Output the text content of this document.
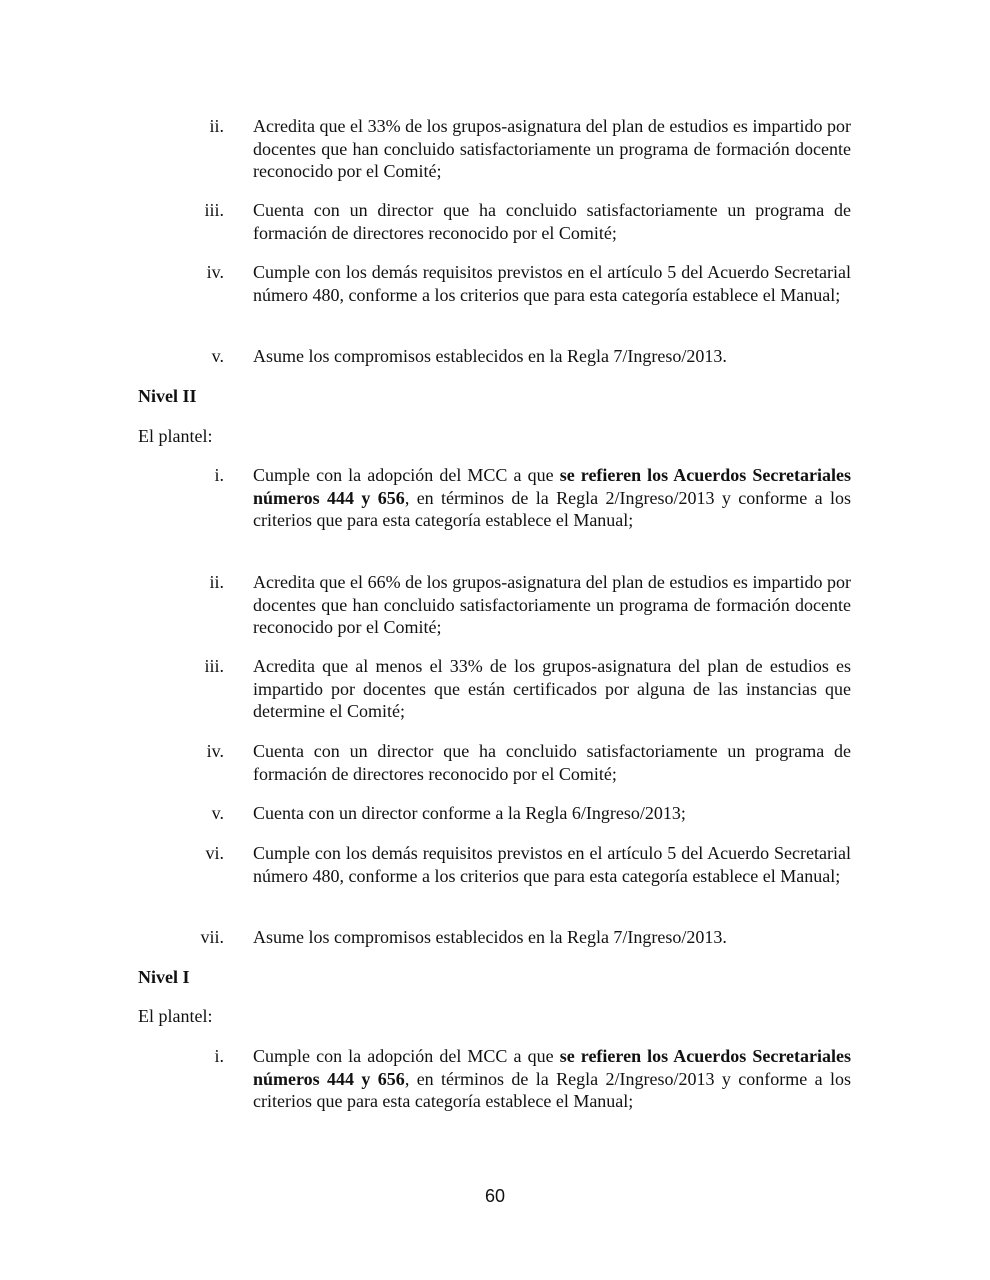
ii. Acredita que el 33% de los grupos-asignatura del plan de estudios es impartido por docentes que han concluido satisfactoriamente un programa de formación docente reconocido por el Comité;
iii. Cuenta con un director que ha concluido satisfactoriamente un programa de formación de directores reconocido por el Comité;
iv. Cumple con los demás requisitos previstos en el artículo 5 del Acuerdo Secretarial número 480, conforme a los criterios que para esta categoría establece el Manual;
v. Asume los compromisos establecidos en la Regla 7/Ingreso/2013.
Nivel II
El plantel:
i. Cumple con la adopción del MCC a que se refieren los Acuerdos Secretariales números 444 y 656, en términos de la Regla 2/Ingreso/2013 y conforme a los criterios que para esta categoría establece el Manual;
ii. Acredita que el 66% de los grupos-asignatura del plan de estudios es impartido por docentes que han concluido satisfactoriamente un programa de formación docente reconocido por el Comité;
iii. Acredita que al menos el 33% de los grupos-asignatura del plan de estudios es impartido por docentes que están certificados por alguna de las instancias que determine el Comité;
iv. Cuenta con un director que ha concluido satisfactoriamente un programa de formación de directores reconocido por el Comité;
v. Cuenta con un director conforme a la Regla 6/Ingreso/2013;
vi. Cumple con los demás requisitos previstos en el artículo 5 del Acuerdo Secretarial número 480, conforme a los criterios que para esta categoría establece el Manual;
vii. Asume los compromisos establecidos en la Regla 7/Ingreso/2013.
Nivel I
El plantel:
i. Cumple con la adopción del MCC a que se refieren los Acuerdos Secretariales números 444 y 656, en términos de la Regla 2/Ingreso/2013 y conforme a los criterios que para esta categoría establece el Manual;
60
